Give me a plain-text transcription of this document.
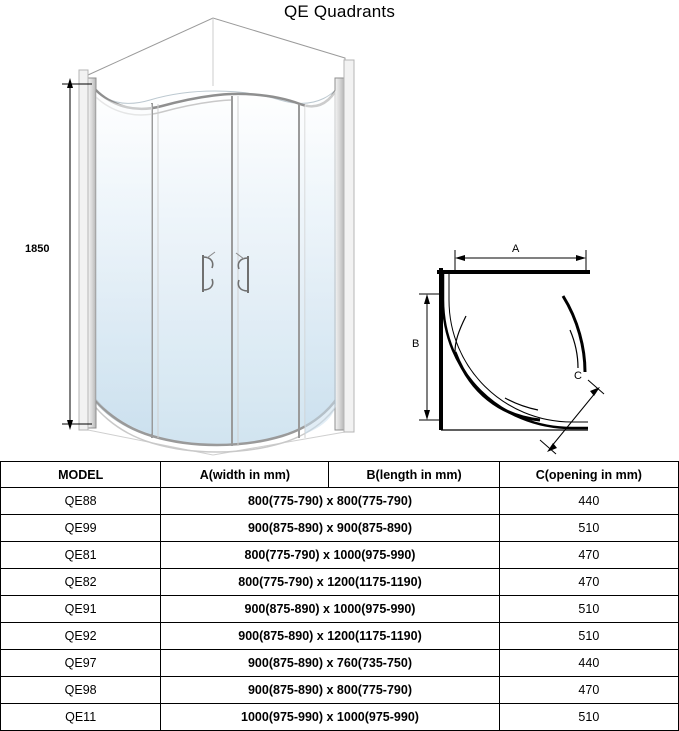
QE Quadrants
1850	A
B
C
MODEL	A(width in mm)	B(length in mm)	C(opening in mm)
QE88	800(775-790) x 800(775-790)		440
QE99	900(875-890) x 900(875-890)		510
QE81	800(775-790) x 1000(975-990)		470
QE82	800(775-790) x 1200(1175-1190)		470
QE91	900(875-890) x 1000(975-990)		510
QE92	900(875-890) x 1200(1175-1190)		510
QE97	900(875-890) x 760(735-750)		440
QE98	900(875-890) x 800(775-790)		470
QE11	1000(975-990) x 1000(975-990)		510
